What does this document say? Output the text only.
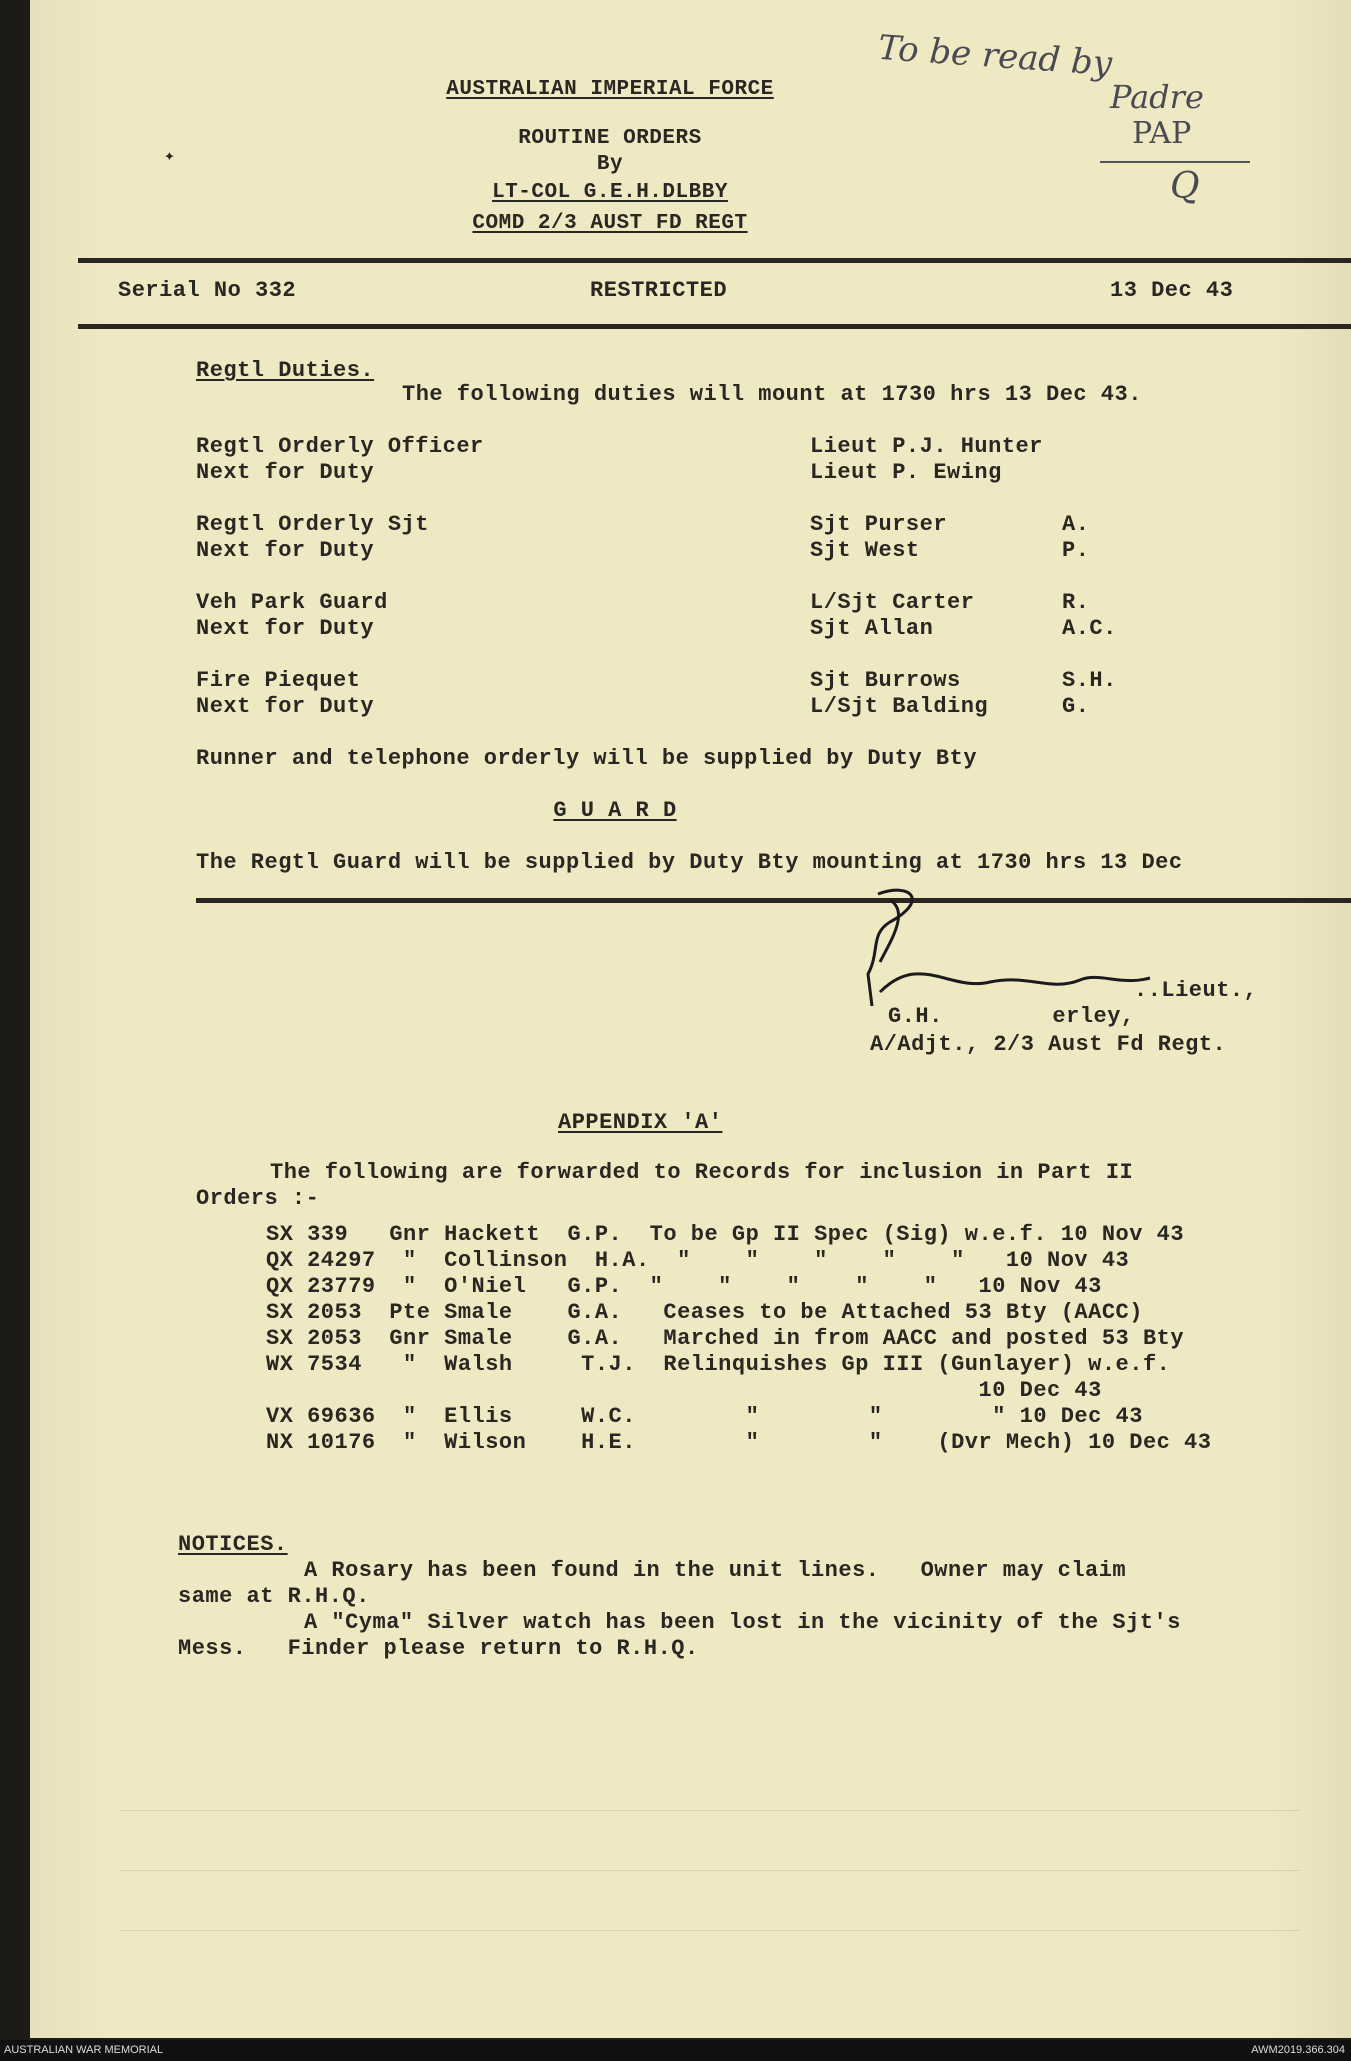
AUSTRALIAN IMPERIAL FORCE
ROUTINE ORDERS
By
LT-COL G.E.H.DLBBY
COMD 2/3 AUST FD REGT
To be read by
Padre
PAP
Q
✦
Serial No 332	RESTRICTED	13 Dec 43
Regtl Duties.
The following duties will mount at 1730 hrs 13 Dec 43.
Regtl Orderly Officer	Lieut P.J. Hunter
Next for Duty	Lieut P. Ewing
Regtl Orderly Sjt	Sjt Purser	A.
Next for Duty	Sjt West	P.
Veh Park Guard	L/Sjt Carter	R.
Next for Duty	Sjt Allan	A.C.
Fire Piequet	Sjt Burrows	S.H.
Next for Duty	L/Sjt Balding	G.
Runner and telephone orderly will be supplied by Duty Bty
G U A R D
The Regtl Guard will be supplied by Duty Bty mounting at 1730 hrs 13 Dec
..Lieut.,
G.H.        erley,
A/Adjt., 2/3 Aust Fd Regt.
APPENDIX 'A'
The following are forwarded to Records for inclusion in Part II
Orders :-
SX 339   Gnr Hackett  G.P.  To be Gp II Spec (Sig) w.e.f. 10 Nov 43
QX 24297  "  Collinson  H.A.  "    "    "    "    "   10 Nov 43
QX 23779  "  O'Niel   G.P.  "    "    "    "    "   10 Nov 43
SX 2053  Pte Smale    G.A.   Ceases to be Attached 53 Bty (AACC)
SX 2053  Gnr Smale    G.A.   Marched in from AACC and posted 53 Bty
WX 7534   "  Walsh     T.J.  Relinquishes Gp III (Gunlayer) w.e.f.
10 Dec 43
VX 69636  "  Ellis     W.C.        "        "        " 10 Dec 43
NX 10176  "  Wilson    H.E.        "        "    (Dvr Mech) 10 Dec 43
NOTICES.
A Rosary has been found in the unit lines.   Owner may claim
same at R.H.Q.
A "Cyma" Silver watch has been lost in the vicinity of the Sjt's
Mess.   Finder please return to R.H.Q.
AUSTRALIAN WAR MEMORIAL	AWM2019.366.304
